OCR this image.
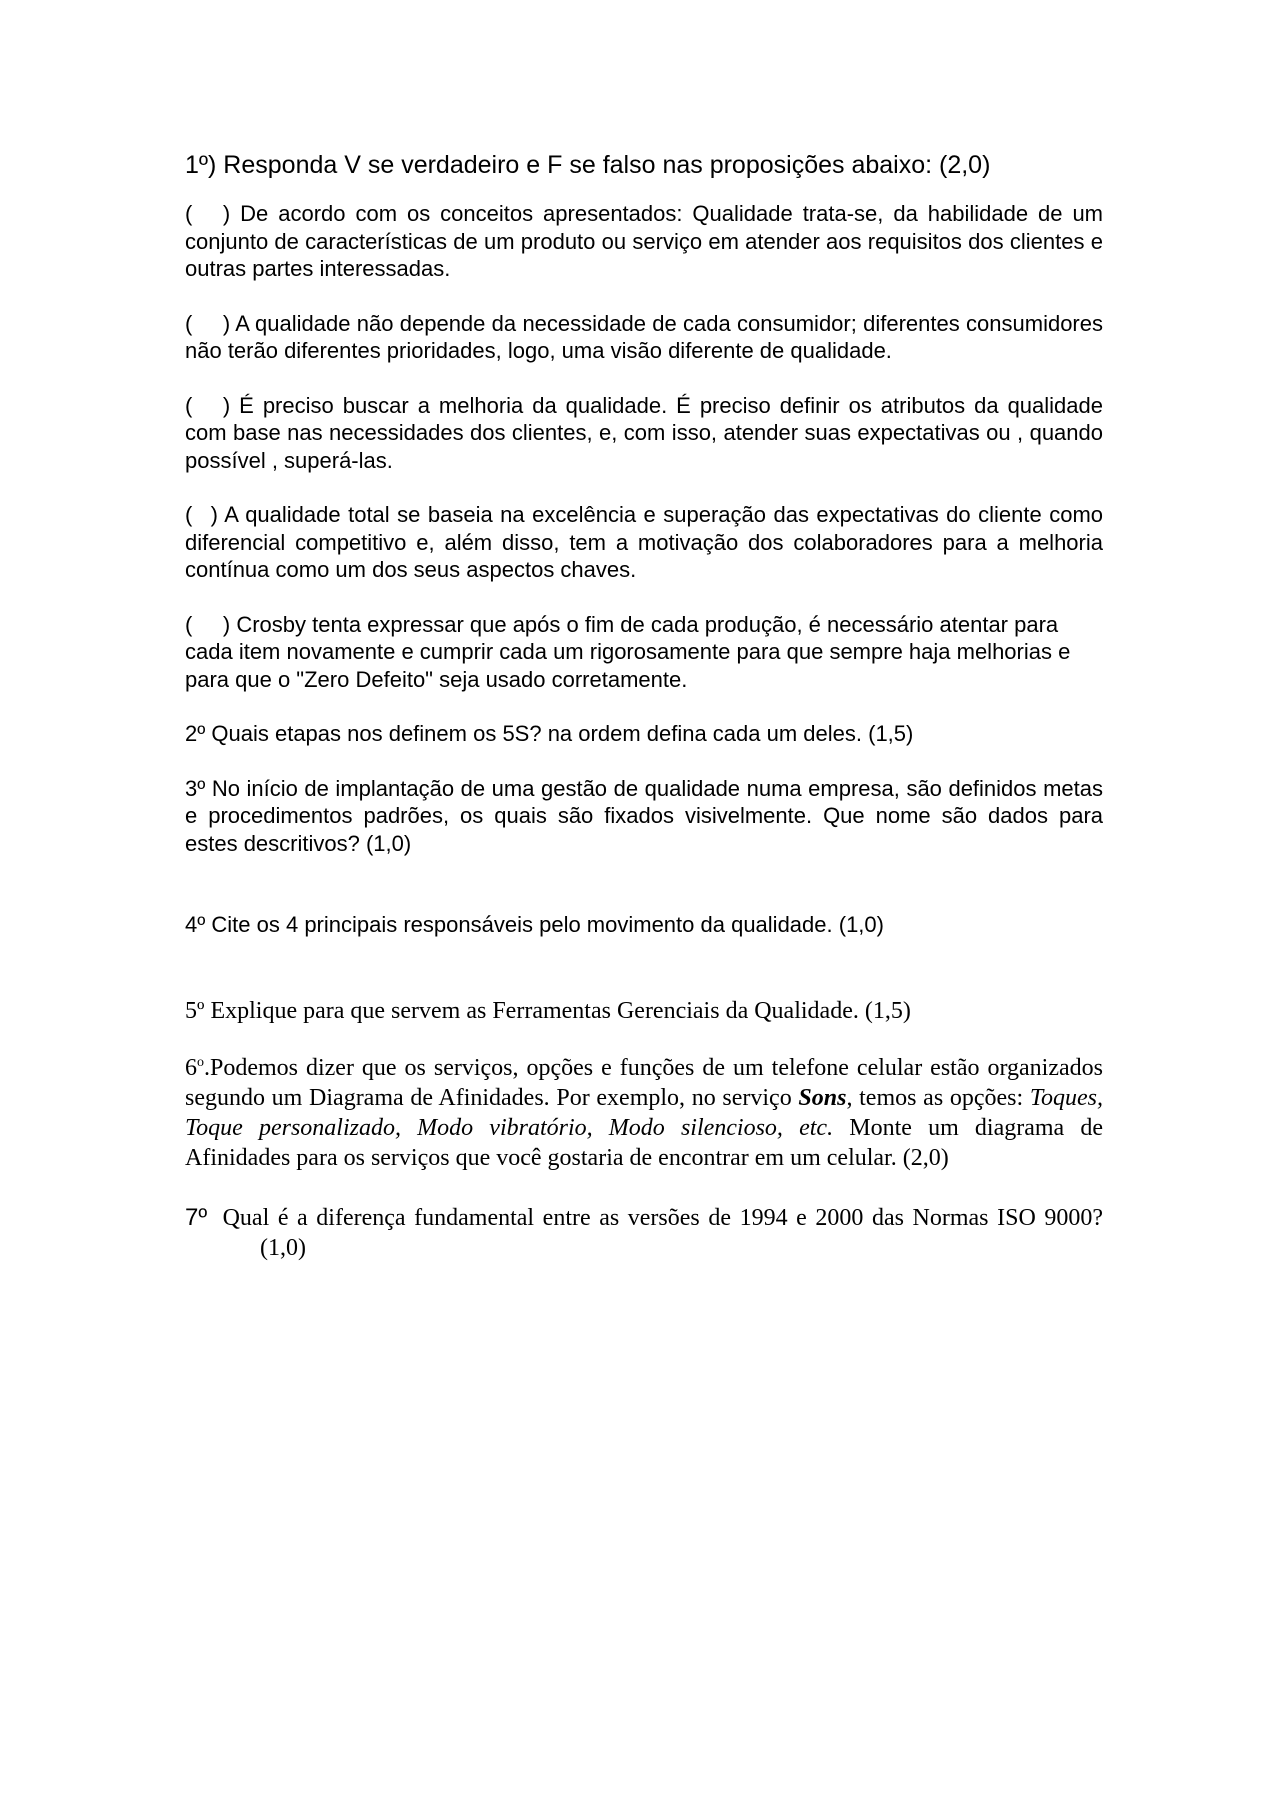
1º) Responda V se verdadeiro e F se falso nas proposições abaixo: (2,0)

(     ) De acordo com os conceitos apresentados: Qualidade trata-se, da habilidade de um conjunto de características de um produto ou serviço em atender aos requisitos dos clientes e outras partes interessadas.

(     ) A qualidade não depende da necessidade de cada consumidor; diferentes consumidores não terão diferentes prioridades, logo, uma visão diferente de qualidade.

(     ) É preciso buscar a melhoria da qualidade. É preciso definir os atributos da qualidade com base nas necessidades dos clientes, e, com isso, atender suas expectativas ou , quando possível , superá-las.

(   ) A qualidade total se baseia na excelência e superação das expectativas do cliente como diferencial competitivo e, além disso, tem a motivação dos colaboradores para a melhoria contínua como um dos seus aspectos chaves.

(     ) Crosby tenta expressar que após o fim de cada produção, é necessário atentar para cada item novamente e cumprir cada um rigorosamente para que sempre haja melhorias e para que o "Zero Defeito" seja usado corretamente.

2º Quais etapas nos definem os 5S? na ordem defina cada um deles. (1,5)

3º No início de implantação de uma gestão de qualidade numa empresa, são definidos metas e procedimentos padrões, os quais são fixados visivelmente. Que nome são dados para estes descritivos? (1,0)

4º Cite os 4 principais responsáveis pelo movimento da qualidade. (1,0)

5º Explique para que servem as Ferramentas Gerenciais da Qualidade. (1,5)

6$^o$.Podemos dizer que os serviços, opções e funções de um telefone celular estão organizados segundo um Diagrama de Afinidades. Por exemplo, no serviço Sons, temos as opções: Toques, Toque personalizado, Modo vibratório, Modo silencioso, etc. Monte um diagrama de Afinidades para os serviços que você gostaria de encontrar em um celular. (2,0)

7º Qual é a diferença fundamental entre as versões de 1994 e 2000 das Normas ISO 9000? (1,0)
